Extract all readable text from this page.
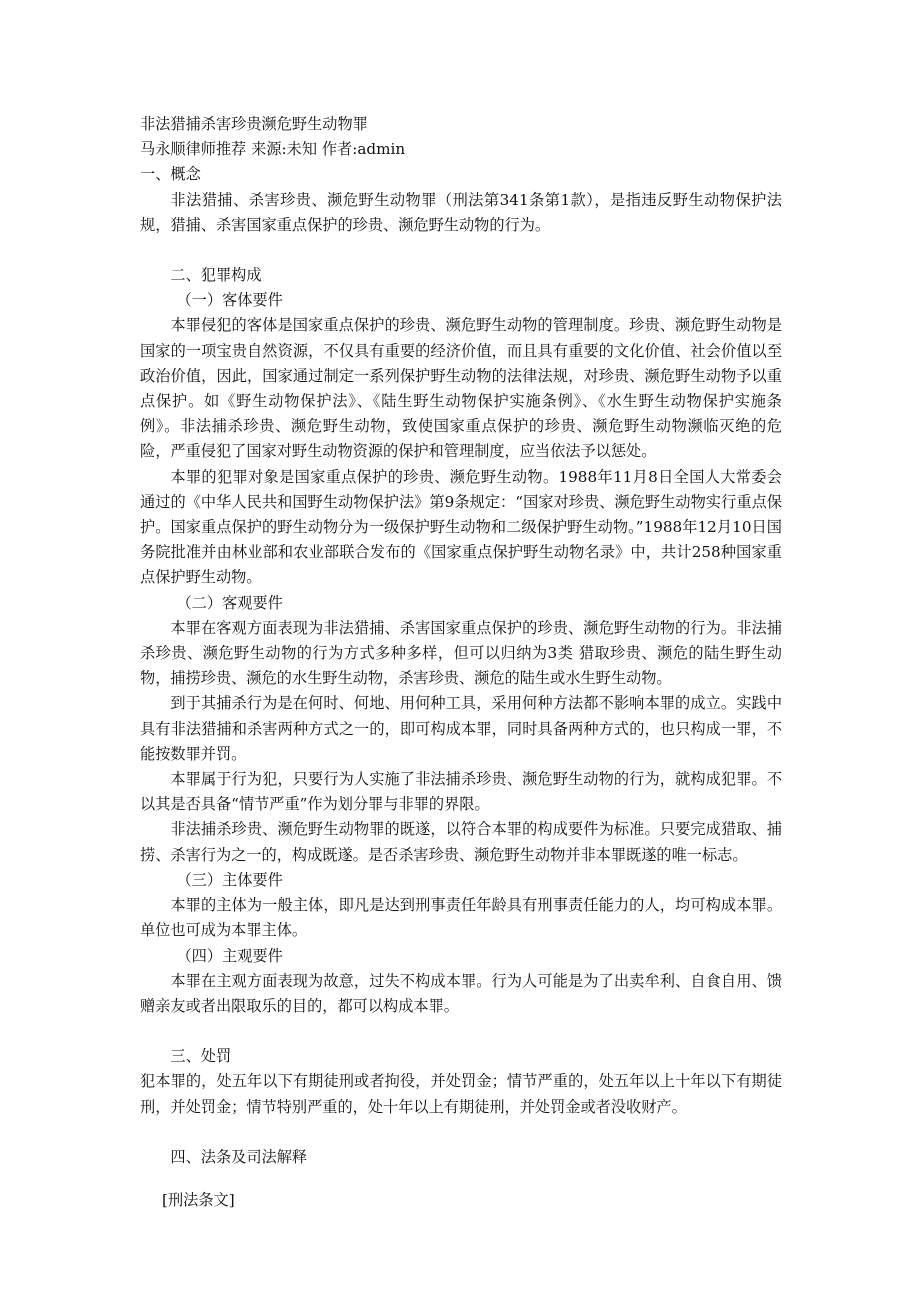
非法猎捕杀害珍贵濒危野生动物罪
马永顺律师推荐 来源:未知 作者:admin
一、概念

非法猎捕、杀害珍贵、濒危野生动物罪（刑法第341条第1款），是指违反野生动物保护法规，猎捕、杀害国家重点保护的珍贵、濒危野生动物的行为。

二、犯罪构成
（一）客体要件

本罪侵犯的客体是国家重点保护的珍贵、濒危野生动物的管理制度。珍贵、濒危野生动物是国家的一项宝贵自然资源，不仅具有重要的经济价值，而且具有重要的文化价值、社会价值以至政治价值，因此，国家通过制定一系列保护野生动物的法律法规，对珍贵、濒危野生动物予以重点保护。如《野生动物保护法》、《陆生野生动物保护实施条例》、《水生野生动物保护实施条例》。非法捕杀珍贵、濒危野生动物，致使国家重点保护的珍贵、濒危野生动物濒临灭绝的危险，严重侵犯了国家对野生动物资源的保护和管理制度，应当依法予以惩处。

本罪的犯罪对象是国家重点保护的珍贵、濒危野生动物。1988年11月8日全国人大常委会通过的《中华人民共和国野生动物保护法》第9条规定：“国家对珍贵、濒危野生动物实行重点保护。国家重点保护的野生动物分为一级保护野生动物和二级保护野生动物。”1988年12月10日国务院批准并由林业部和农业部联合发布的《国家重点保护野生动物名录》中，共计258种国家重点保护野生动物。

（二）客观要件

本罪在客观方面表现为非法猎捕、杀害国家重点保护的珍贵、濒危野生动物的行为。非法捕杀珍贵、濒危野生动物的行为方式多种多样，但可以归纳为3类 猎取珍贵、濒危的陆生野生动物，捕捞珍贵、濒危的水生野生动物，杀害珍贵、濒危的陆生或水生野生动物。

到于其捕杀行为是在何时、何地、用何种工具，采用何种方法都不影响本罪的成立。实践中具有非法猎捕和杀害两种方式之一的，即可构成本罪，同时具备两种方式的，也只构成一罪，不能按数罪并罚。

本罪属于行为犯，只要行为人实施了非法捕杀珍贵、濒危野生动物的行为，就构成犯罪。不以其是否具备“情节严重”作为划分罪与非罪的界限。

非法捕杀珍贵、濒危野生动物罪的既遂，以符合本罪的构成要件为标准。只要完成猎取、捕捞、杀害行为之一的，构成既遂。是否杀害珍贵、濒危野生动物并非本罪既遂的唯一标志。

（三）主体要件

本罪的主体为一般主体，即凡是达到刑事责任年龄具有刑事责任能力的人，均可构成本罪。单位也可成为本罪主体。

（四）主观要件

本罪在主观方面表现为故意，过失不构成本罪。行为人可能是为了出卖牟利、自食自用、馈赠亲友或者出限取乐的目的，都可以构成本罪。

三、处罚

犯本罪的，处五年以下有期徒刑或者拘役，并处罚金；情节严重的，处五年以上十年以下有期徒刑，并处罚金；情节特别严重的，处十年以上有期徒刑，并处罚金或者没收财产。

四、法条及司法解释
[刑法条文]
